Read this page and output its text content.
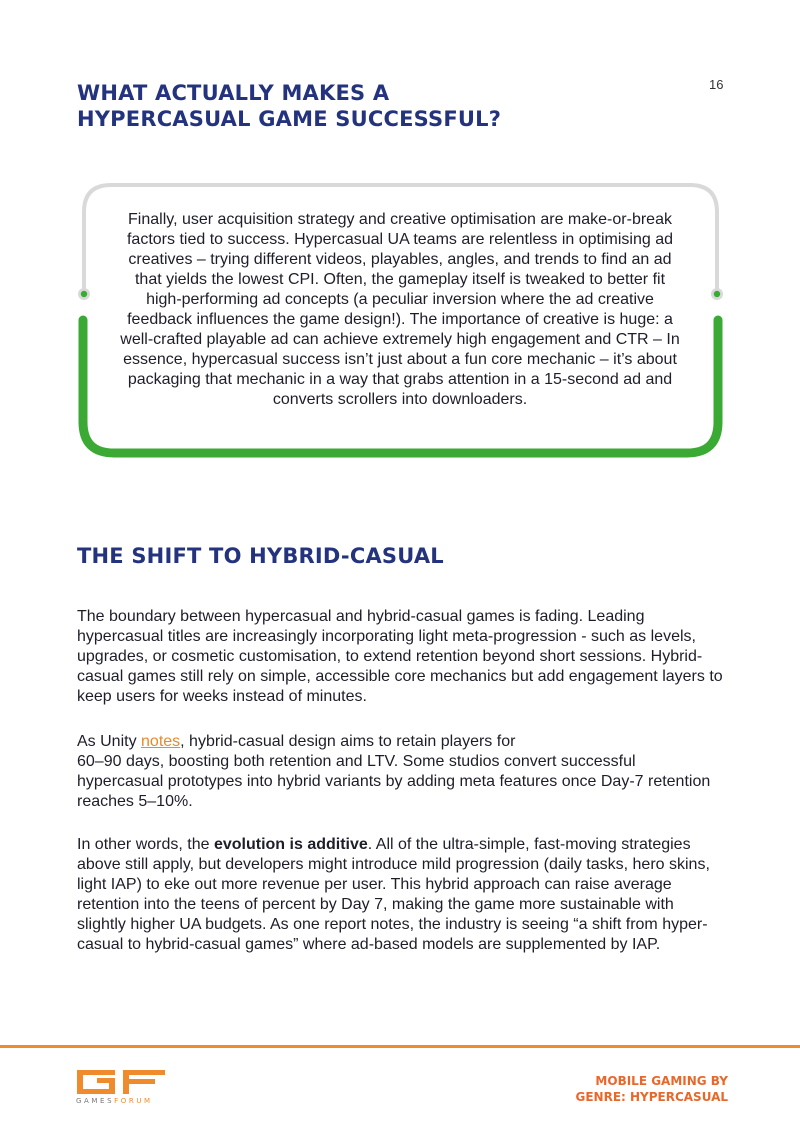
16
WHAT ACTUALLY MAKES A
HYPERCASUAL GAME SUCCESSFUL?
Finally, user acquisition strategy and creative optimisation are make-or-break factors tied to success. Hypercasual UA teams are relentless in optimising ad creatives – trying different videos, playables, angles, and trends to find an ad that yields the lowest CPI. Often, the gameplay itself is tweaked to better fit high-performing ad concepts (a peculiar inversion where the ad creative feedback influences the game design!). The importance of creative is huge: a well-crafted playable ad can achieve extremely high engagement and CTR – In essence, hypercasual success isn’t just about a fun core mechanic – it’s about packaging that mechanic in a way that grabs attention in a 15-second ad and converts scrollers into downloaders.
THE SHIFT TO HYBRID-CASUAL

The boundary between hypercasual and hybrid-casual games is fading. Leading hypercasual titles are increasingly incorporating light meta-progression - such as levels, upgrades, or cosmetic customisation, to extend retention beyond short sessions. Hybrid-casual games still rely on simple, accessible core mechanics but add engagement layers to keep users for weeks instead of minutes.

As Unity notes, hybrid-casual design aims to retain players for
60–90 days, boosting both retention and LTV. Some studios convert successful hypercasual prototypes into hybrid variants by adding meta features once Day-7 retention reaches 5–10%.

In other words, the evolution is additive. All of the ultra-simple, fast-moving strategies above still apply, but developers might introduce mild progression (daily tasks, hero skins, light IAP) to eke out more revenue per user. This hybrid approach can raise average retention into the teens of percent by Day 7, making the game more sustainable with slightly higher UA budgets. As one report notes, the industry is seeing “a shift from hyper-casual to hybrid-casual games” where ad-based models are supplemented by IAP.

GAMESFORUM
MOBILE GAMING BY
GENRE: HYPERCASUAL
